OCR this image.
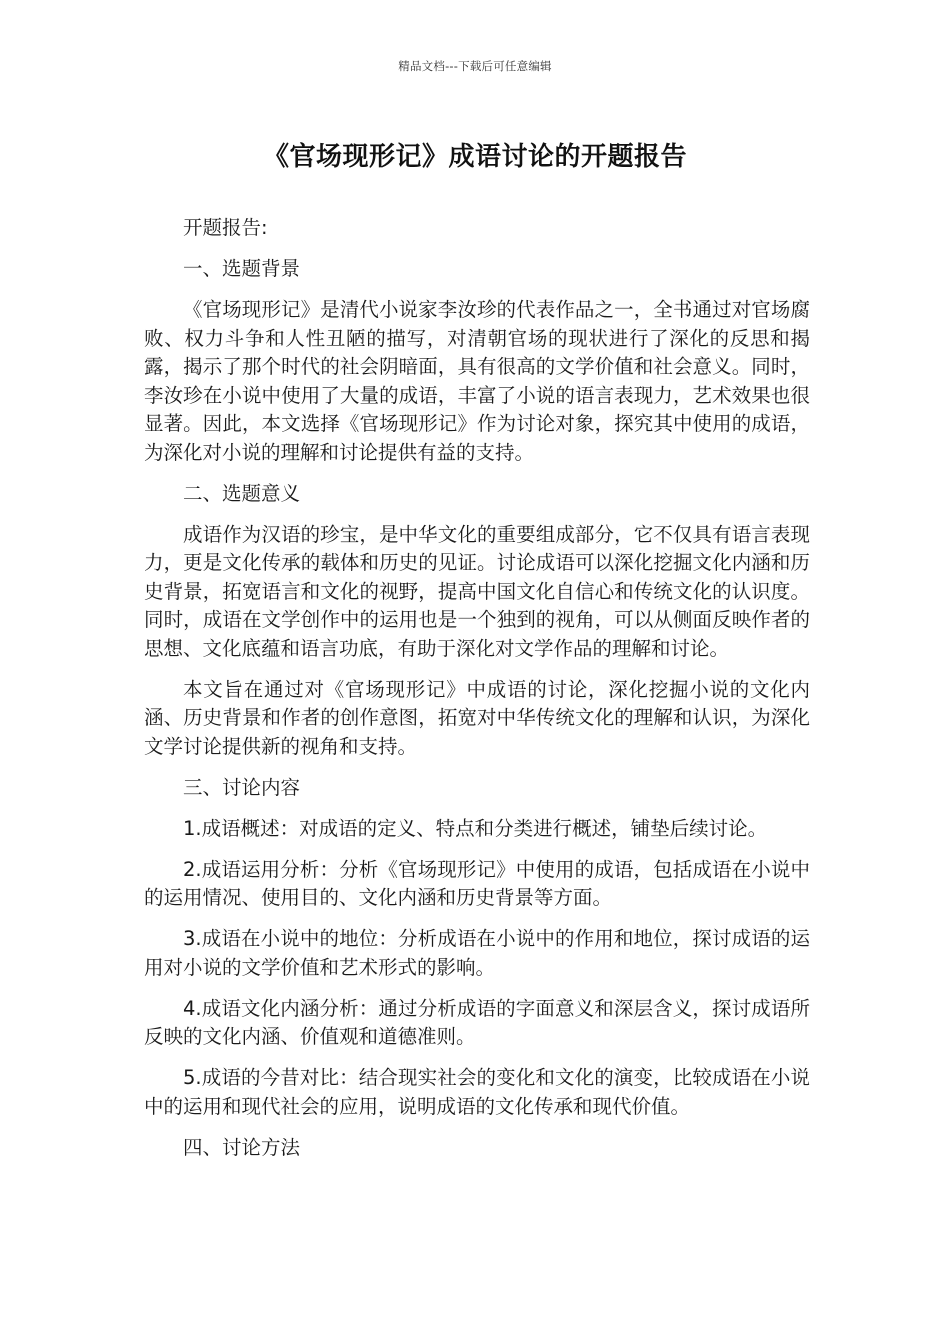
精品文档---下载后可任意编辑
《官场现形记》成语讨论的开题报告

开题报告:

一、选题背景

《官场现形记》是清代小说家李汝珍的代表作品之一，全书通过对官场腐败、权力斗争和人性丑陋的描写，对清朝官场的现状进行了深化的反思和揭露，揭示了那个时代的社会阴暗面，具有很高的文学价值和社会意义。同时，李汝珍在小说中使用了大量的成语，丰富了小说的语言表现力，艺术效果也很显著。因此，本文选择《官场现形记》作为讨论对象，探究其中使用的成语，为深化对小说的理解和讨论提供有益的支持。

二、选题意义

成语作为汉语的珍宝，是中华文化的重要组成部分，它不仅具有语言表现力，更是文化传承的载体和历史的见证。讨论成语可以深化挖掘文化内涵和历史背景，拓宽语言和文化的视野，提高中国文化自信心和传统文化的认识度。同时，成语在文学创作中的运用也是一个独到的视角，可以从侧面反映作者的思想、文化底蕴和语言功底，有助于深化对文学作品的理解和讨论。

本文旨在通过对《官场现形记》中成语的讨论，深化挖掘小说的文化内涵、历史背景和作者的创作意图，拓宽对中华传统文化的理解和认识，为深化文学讨论提供新的视角和支持。

三、讨论内容

1.成语概述：对成语的定义、特点和分类进行概述，铺垫后续讨论。

2.成语运用分析：分析《官场现形记》中使用的成语，包括成语在小说中的运用情况、使用目的、文化内涵和历史背景等方面。

3.成语在小说中的地位：分析成语在小说中的作用和地位，探讨成语的运用对小说的文学价值和艺术形式的影响。

4.成语文化内涵分析：通过分析成语的字面意义和深层含义，探讨成语所反映的文化内涵、价值观和道德准则。

5.成语的今昔对比：结合现实社会的变化和文化的演变，比较成语在小说中的运用和现代社会的应用，说明成语的文化传承和现代价值。

四、讨论方法
